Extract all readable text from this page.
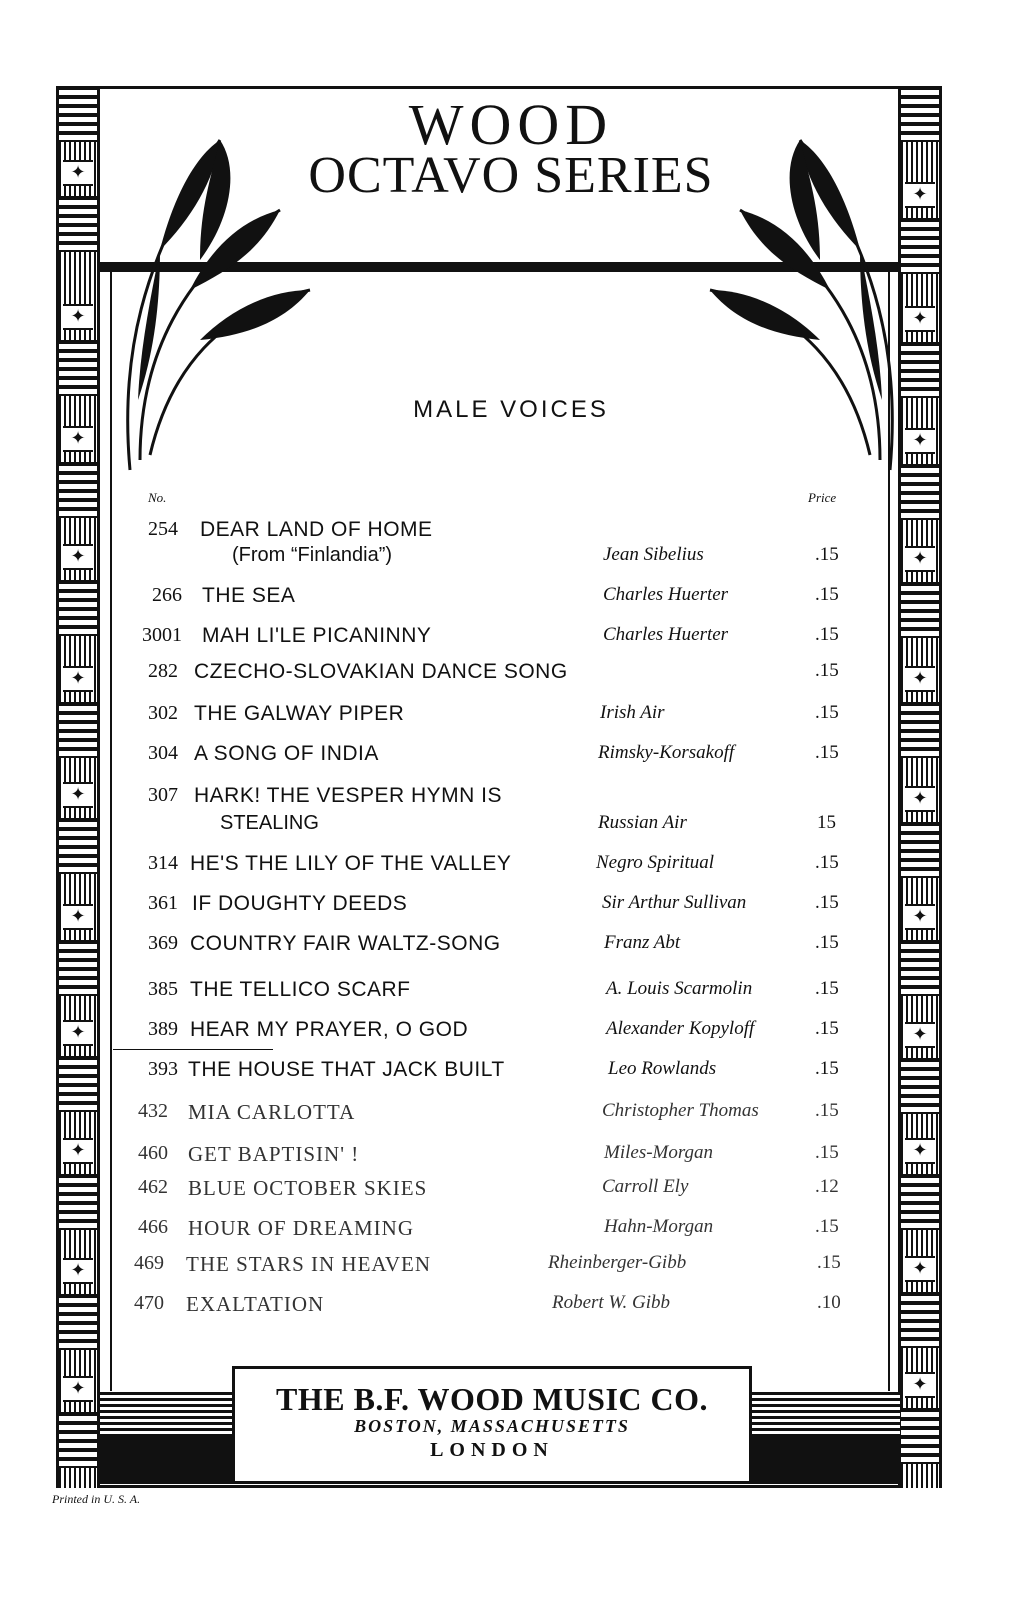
✦
✦
✦
✦
✦
✦
✦
✦
✦
✦
✦
✦
✦
✦
✦
✦
✦
✦
✦
✦
✦
✦
WOOD
OCTAVO SERIES
MALE VOICES
No.	Price
254 DEAR LAND OF HOME
(From “Finlandia”)	Jean Sibelius	.15
266 THE SEA	Charles Huerter	.15
3001 MAH LI'LE PICANINNY	Charles Huerter	.15
282 CZECHO-SLOVAKIAN DANCE SONG	.15
302 THE GALWAY PIPER	Irish Air	.15
304 A SONG OF INDIA	Rimsky-Korsakoff	.15
307 HARK! THE VESPER HYMN IS
STEALING	Russian Air	15
314 HE'S THE LILY OF THE VALLEY	Negro Spiritual	.15
361 IF DOUGHTY DEEDS	Sir Arthur Sullivan	.15
369 COUNTRY FAIR WALTZ-SONG	Franz Abt	.15
385 THE TELLICO SCARF	A. Louis Scarmolin	.15
389 HEAR MY PRAYER, O GOD	Alexander Kopyloff	.15
393 THE HOUSE THAT JACK BUILT	Leo Rowlands	.15
432 MIA CARLOTTA	Christopher Thomas	.15
460 GET BAPTISIN' !	Miles-Morgan	.15
462 BLUE OCTOBER SKIES	Carroll Ely	.12
466 HOUR OF DREAMING	Hahn-Morgan	.15
469 THE STARS IN HEAVEN	Rheinberger-Gibb	.15
470 EXALTATION	Robert W. Gibb	.10
THE B.F. WOOD MUSIC CO.
BOSTON, MASSACHUSETTS
LONDON
Printed in U. S. A.
